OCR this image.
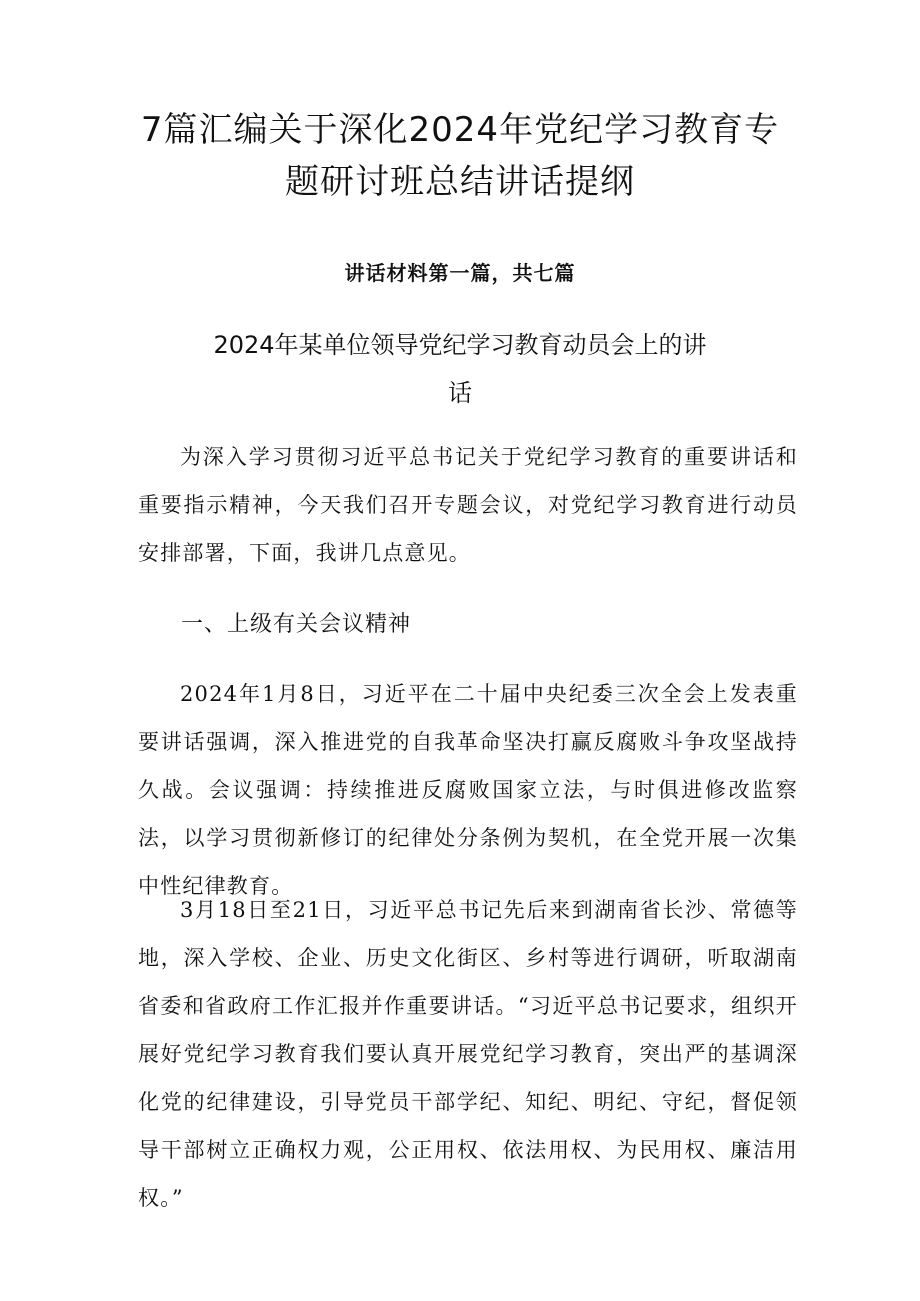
7篇汇编关于深化2024年党纪学习教育专
题研讨班总结讲话提纲
讲话材料第一篇，共七篇
2024年某单位领导党纪学习教育动员会上的讲
话
为深入学习贯彻习近平总书记关于党纪学习教育的重要讲话和重要指示精神，今天我们召开专题会议，对党纪学习教育进行动员安排部署，下面，我讲几点意见。
一、上级有关会议精神
2024年1月8日，习近平在二十届中央纪委三次全会上发表重要讲话强调，深入推进党的自我革命坚决打赢反腐败斗争攻坚战持久战。会议强调：持续推进反腐败国家立法，与时俱进修改监察法，以学习贯彻新修订的纪律处分条例为契机，在全党开展一次集中性纪律教育。
3月18日至21日，习近平总书记先后来到湖南省长沙、常德等地，深入学校、企业、历史文化街区、乡村等进行调研，听取湖南省委和省政府工作汇报并作重要讲话。“习近平总书记要求，组织开展好党纪学习教育我们要认真开展党纪学习教育，突出严的基调深化党的纪律建设，引导党员干部学纪、知纪、明纪、守纪，督促领导干部树立正确权力观，公正用权、依法用权、为民用权、廉洁用权。”
